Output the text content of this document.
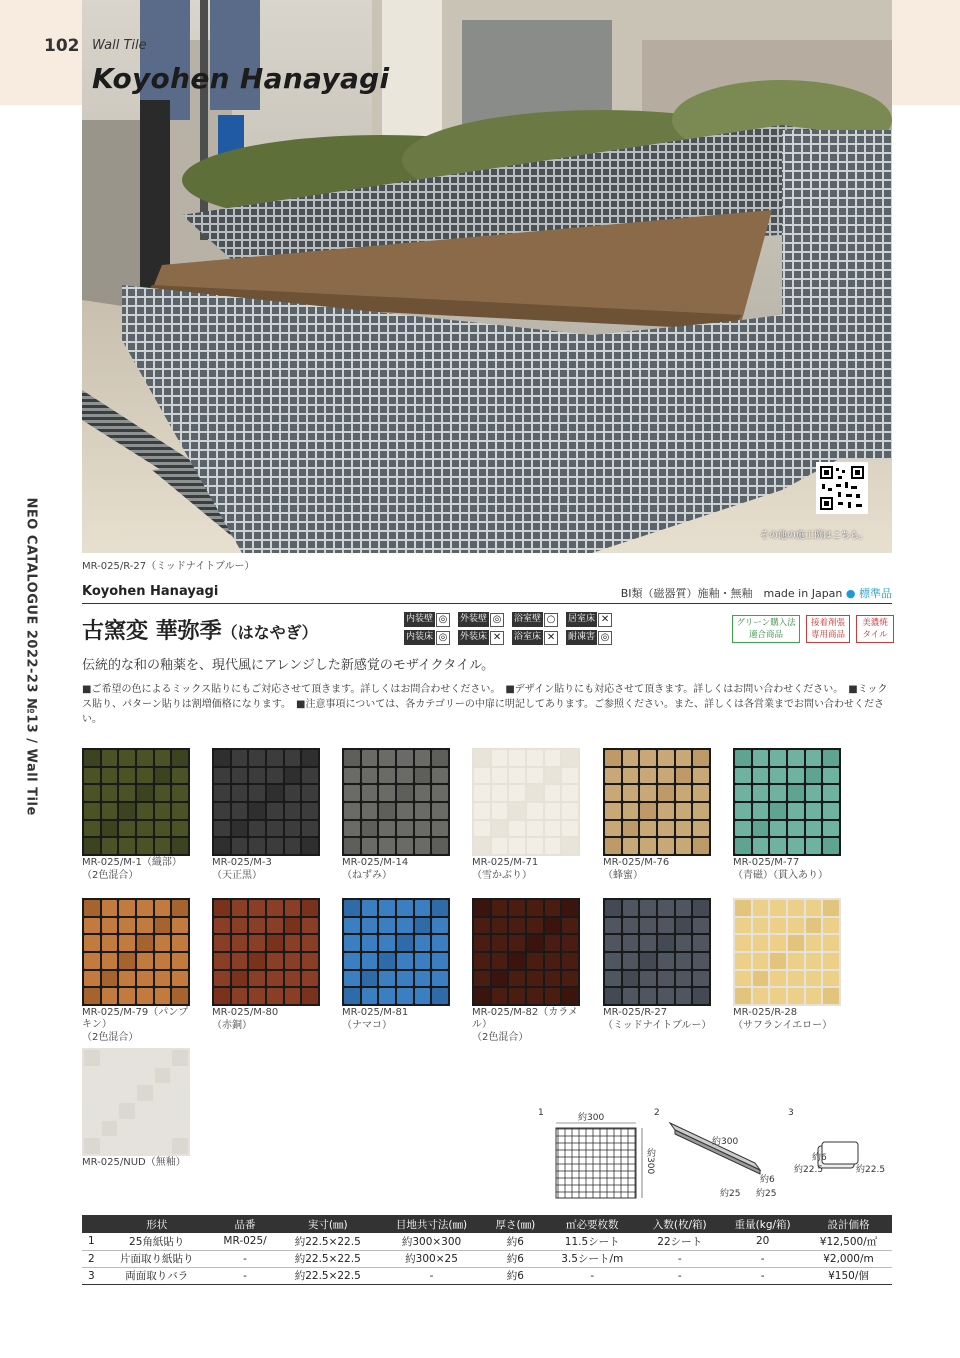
102 Wall Tile
Koyohen Hanayagi
その他の施工例はこちら。
MR-025/R-27（ミッドナイトブルー）
NEO CATALOGUE 2022-23 №13 / Wall Tile	Koyohen Hanayagi	BⅠ類（磁器質）施釉・無釉　made in Japan ● 標準品
古窯変 華弥季（はなやぎ）
内装壁 ◎ 外装壁 ◎ 浴室壁 ○ 居室床 ✕
内装床 ◎ 外装床 ✕	浴室床 ✕	耐凍害 ◎
グリーン購入法
適合商品
接着剤張
専用商品
美濃焼
タイル
伝統的な和の釉薬を、現代風にアレンジした新感覚のモザイクタイル。
■ご希望の色によるミックス貼りにもご対応させて頂きます。詳しくはお問合わせください。　■デザイン貼りにも対応させて頂きます。詳しくはお問い合わせください。　■ミックス貼り、パターン貼りは割増価格になります。　■注意事項については、各カテゴリーの中扉に明記してあります。ご参照ください。また、詳しくは各営業までお問い合わせください。
MR-025/M-1（織部）
（2色混合）
MR-025/M-3
（天正黒）
MR-025/M-14
（ねずみ）
MR-025/M-71
（雪かぶり）
MR-025/M-76
（蜂蜜）
MR-025/M-77
（青磁）（貫入あり）
MR-025/M-79（パンプキン）
（2色混合）
MR-025/M-80
（赤銅）
MR-025/M-81
（ナマコ）
MR-025/M-82（カラメル）
（2色混合）
MR-025/R-27
（ミッドナイトブルー）
MR-025/R-28
（サフランイエロー）
MR-025/NUD（無釉）
1	約300
約300
2
約300
約6
約25 約25
3
約6
約22.5	約22.5
	形状	品番	実寸(㎜)	目地共寸法(㎜)	厚さ(㎜)	㎡必要枚数	入数(枚/箱)	重量(kg/箱)	設計価格
1	25角紙貼り	MR-025/	約22.5×22.5	約300×300	約6	11.5シート	22シート	20	¥12,500/㎡
2	片面取り紙貼り	-	約22.5×22.5	約300×25	約6	3.5シート/m	-	-	¥2,000/m
3	両面取りバラ	-	約22.5×22.5	-	約6	-	-	-	¥150/個
